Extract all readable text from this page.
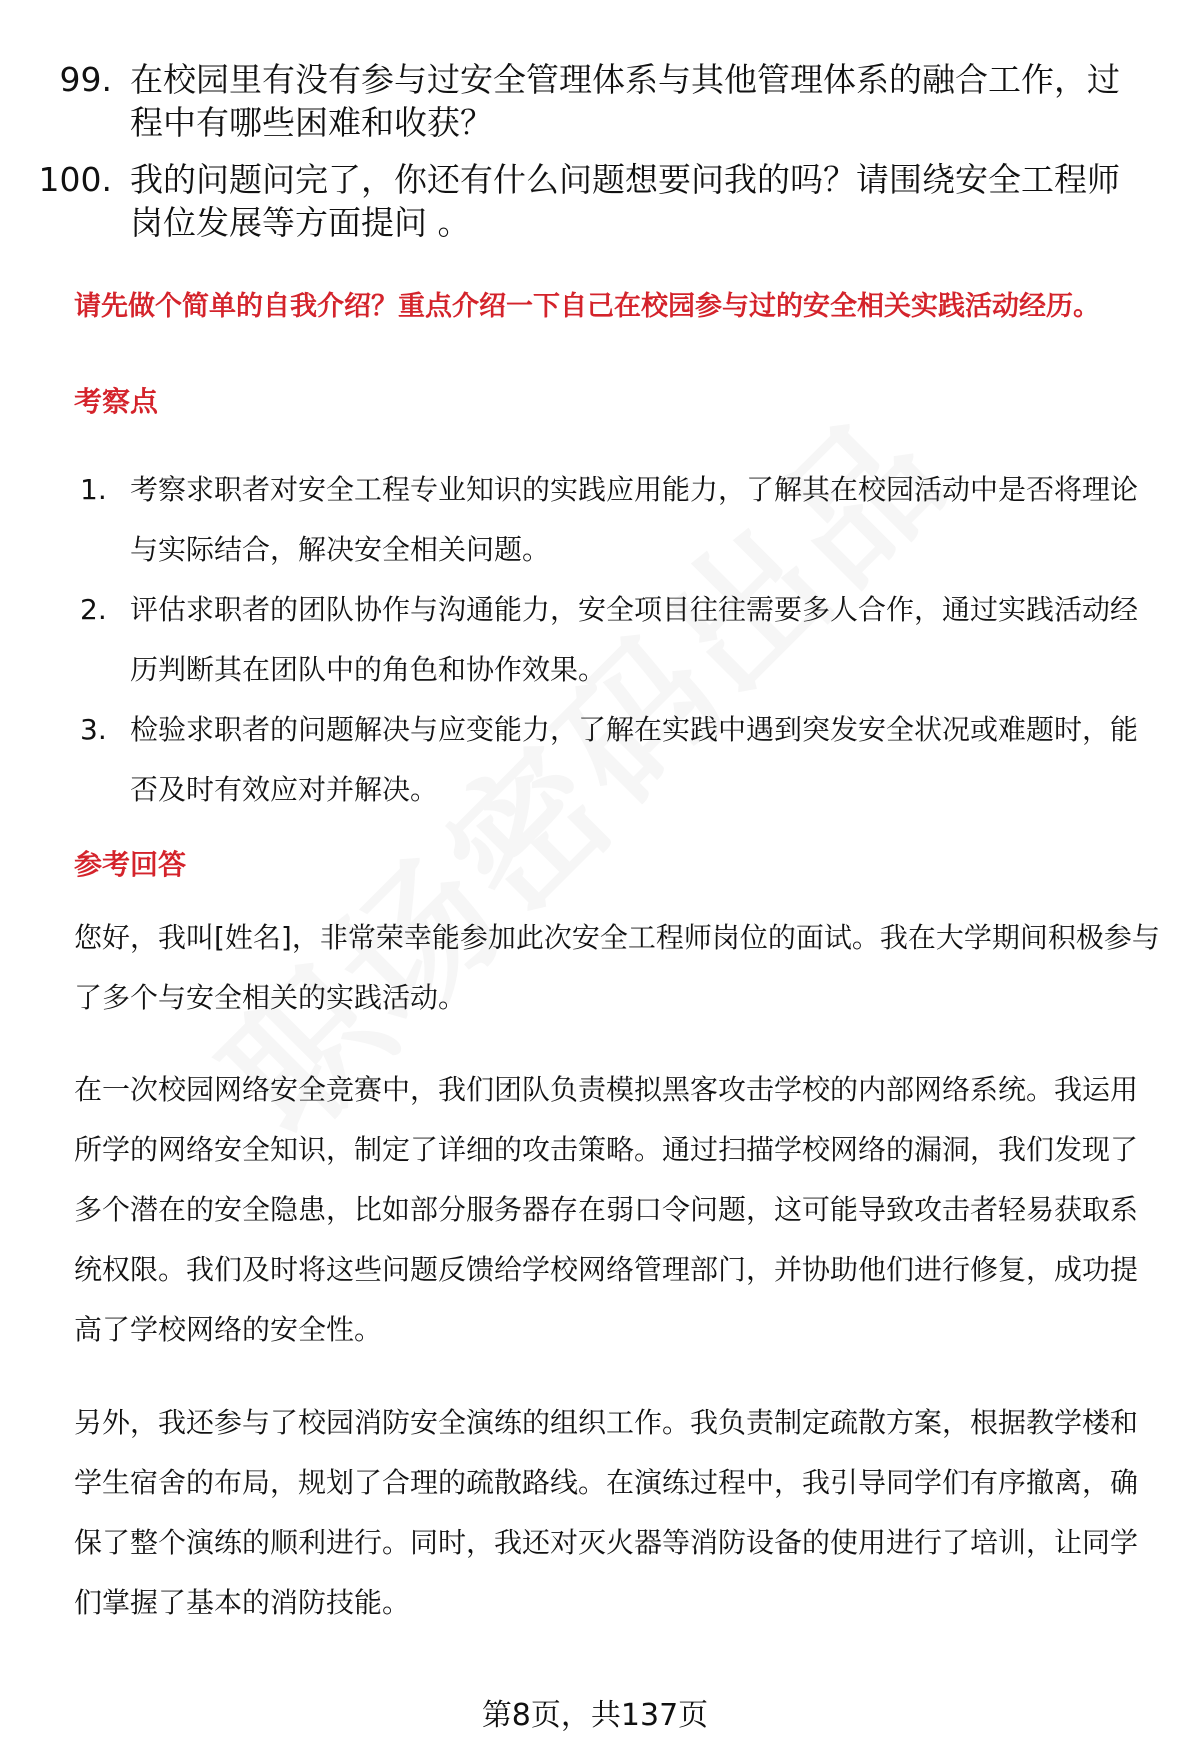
99. 在校园里有没有参与过安全管理体系与其他管理体系的融合工作，过程中有哪些困难和收获？
100. 我的问题问完了，你还有什么问题想要问我的吗？请围绕安全工程师岗位发展等方面提问 。
请先做个简单的自我介绍？重点介绍一下自己在校园参与过的安全相关实践活动经历。
考察点
1. 考察求职者对安全工程专业知识的实践应用能力，了解其在校园活动中是否将理论与实际结合，解决安全相关问题。
2. 评估求职者的团队协作与沟通能力，安全项目往往需要多人合作，通过实践活动经历判断其在团队中的角色和协作效果。
3. 检验求职者的问题解决与应变能力，了解在实践中遇到突发安全状况或难题时，能否及时有效应对并解决。
参考回答
您好，我叫[姓名]，非常荣幸能参加此次安全工程师岗位的面试。我在大学期间积极参与了多个与安全相关的实践活动。
在一次校园网络安全竞赛中，我们团队负责模拟黑客攻击学校的内部网络系统。我运用所学的网络安全知识，制定了详细的攻击策略。通过扫描学校网络的漏洞，我们发现了多个潜在的安全隐患，比如部分服务器存在弱口令问题，这可能导致攻击者轻易获取系统权限。我们及时将这些问题反馈给学校网络管理部门，并协助他们进行修复，成功提高了学校网络的安全性。
另外，我还参与了校园消防安全演练的组织工作。我负责制定疏散方案，根据教学楼和学生宿舍的布局，规划了合理的疏散路线。在演练过程中，我引导同学们有序撤离，确保了整个演练的顺利进行。同时，我还对灭火器等消防设备的使用进行了培训，让同学们掌握了基本的消防技能。
第8页，共137页
